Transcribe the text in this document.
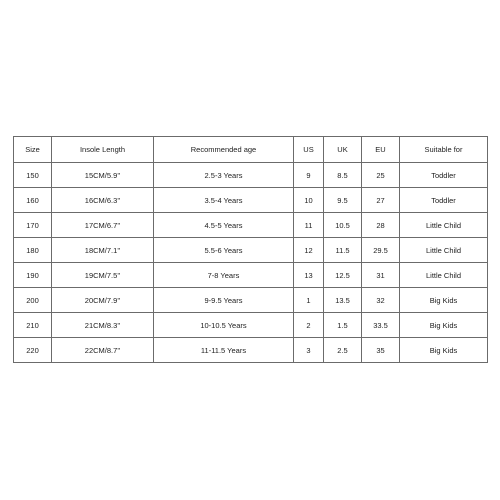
Size	Insole Length	Recommended age	US	UK	EU	Suitable for
150	15CM/5.9''	2.5-3 Years	9	8.5	25	Toddler
160	16CM/6.3''	3.5-4 Years	10	9.5	27	Toddler
170	17CM/6.7''	4.5-5 Years	11	10.5	28	Little Child
180	18CM/7.1''	5.5-6 Years	12	11.5	29.5	Little Child
190	19CM/7.5''	7-8 Years	13	12.5	31	Little Child
200	20CM/7.9''	9-9.5 Years	1	13.5	32	Big Kids
210	21CM/8.3''	10-10.5 Years	2	1.5	33.5	Big Kids
220	22CM/8.7''	11-11.5 Years	3	2.5	35	Big Kids
